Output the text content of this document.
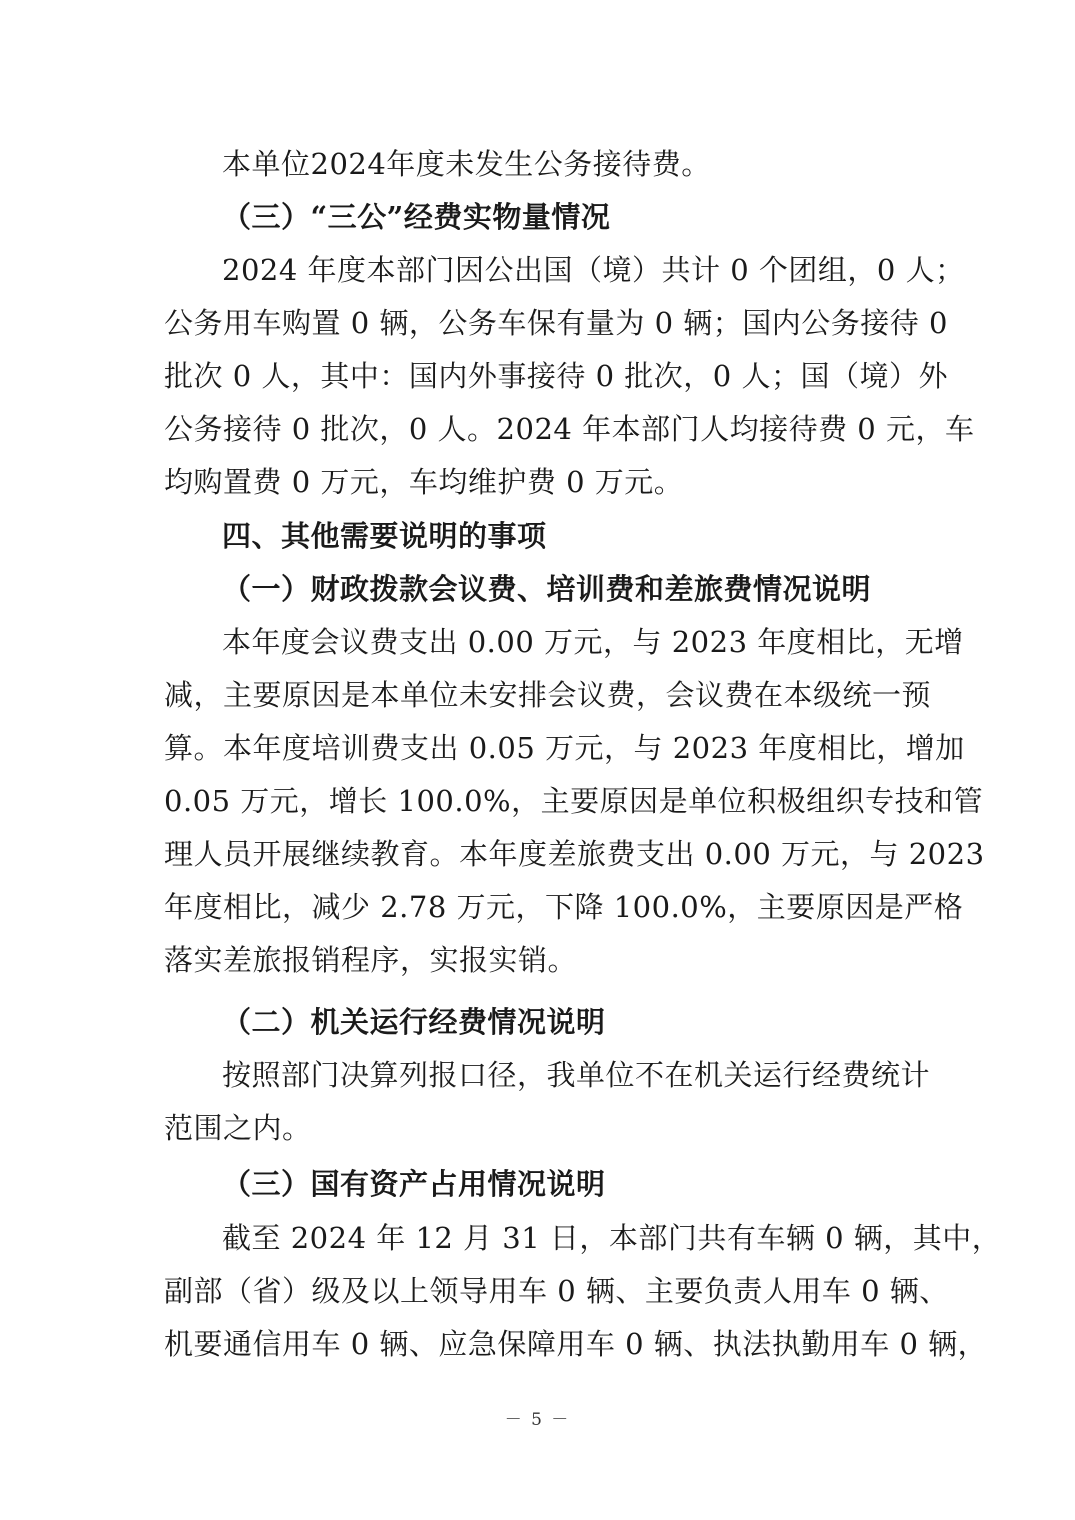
本单位2024年度未发生公务接待费。
（三）“三公”经费实物量情况
2024 年度本部门因公出国（境）共计 0 个团组，0 人；
公务用车购置 0 辆，公务车保有量为 0 辆；国内公务接待 0
批次 0 人，其中：国内外事接待 0 批次，0 人；国（境）外
公务接待 0 批次，0 人。2024 年本部门人均接待费 0 元，车
均购置费 0 万元，车均维护费 0 万元。
四、其他需要说明的事项
（一）财政拨款会议费、培训费和差旅费情况说明
本年度会议费支出 0.00 万元，与 2023 年度相比，无增
减，主要原因是本单位未安排会议费，会议费在本级统一预
算。本年度培训费支出 0.05 万元，与 2023 年度相比，增加
0.05 万元，增长 100.0%，主要原因是单位积极组织专技和管
理人员开展继续教育。本年度差旅费支出 0.00 万元，与 2023
年度相比，减少 2.78 万元，下降 100.0%，主要原因是严格
落实差旅报销程序，实报实销。
（二）机关运行经费情况说明
按照部门决算列报口径，我单位不在机关运行经费统计
范围之内。
（三）国有资产占用情况说明
截至 2024 年 12 月 31 日，本部门共有车辆 0 辆，其中，
副部（省）级及以上领导用车 0 辆、主要负责人用车 0 辆、
机要通信用车 0 辆、应急保障用车 0 辆、执法执勤用车 0 辆，
－ 5 －
